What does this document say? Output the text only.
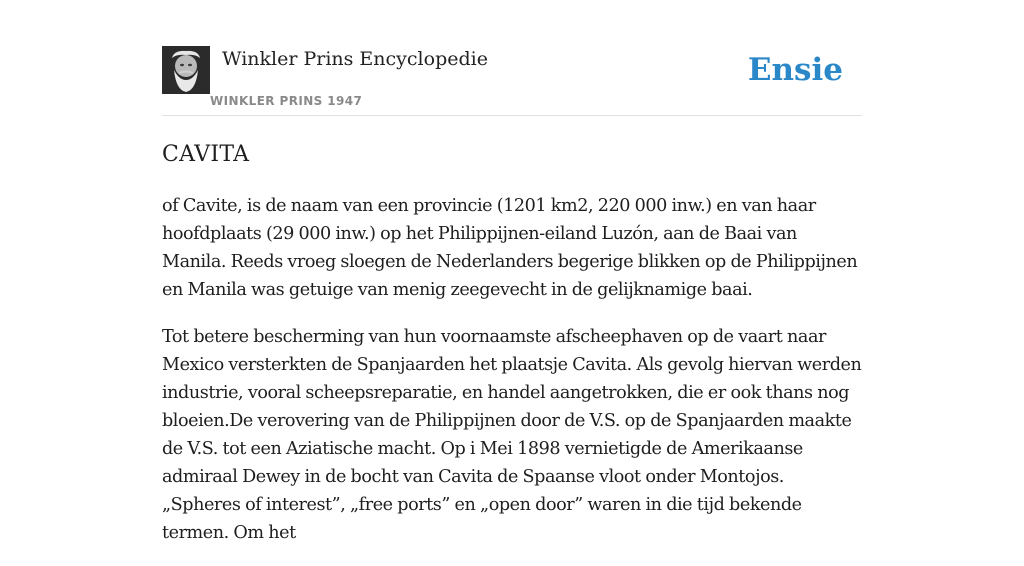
Winkler Prins Encyclopedie
WINKLER PRINS 1947
Ensie
CAVITA

of Cavite, is de naam van een provincie (1201 km2, 220 000 inw.) en van haar hoofdplaats (29 000 inw.) op het Philippijnen-eiland Luzón, aan de Baai van Manila. Reeds vroeg sloegen de Nederlanders begerige blikken op de Philippijnen en Manila was getuige van menig zeegevecht in de gelijknamige baai.

Tot betere bescherming van hun voornaamste afscheephaven op de vaart naar Mexico versterkten de Spanjaarden het plaatsje Cavita. Als gevolg hiervan werden industrie, vooral scheepsreparatie, en handel aangetrokken, die er ook thans nog bloeien.De verovering van de Philippijnen door de V.S. op de Spanjaarden maakte de V.S. tot een Aziatische macht. Op i Mei 1898 vernietigde de Amerikaanse admiraal Dewey in de bocht van Cavita de Spaanse vloot onder Montojos. „Spheres of interest”, „free ports” en „open door” waren in die tijd bekende termen. Om het
